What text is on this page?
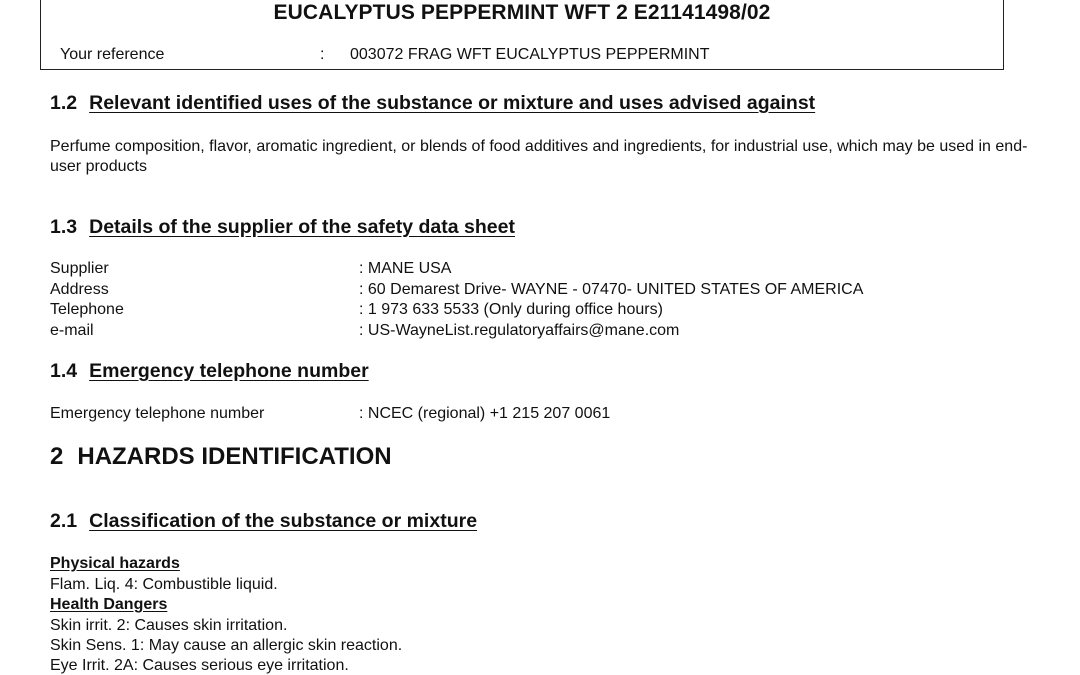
EUCALYPTUS PEPPERMINT WFT 2 E21141498/02
Your reference	: 003072 FRAG WFT EUCALYPTUS PEPPERMINT
1.2 Relevant identified uses of the substance or mixture and uses advised against
Perfume composition, flavor, aromatic ingredient, or blends of food additives and ingredients, for industrial use, which may be used in end-user products
1.3 Details of the supplier of the safety data sheet
Supplier	: MANE USA
Address	: 60 Demarest Drive- WAYNE - 07470- UNITED STATES OF AMERICA
Telephone	: 1 973 633 5533 (Only during office hours)
e-mail	: US-WayneList.regulatoryaffairs@mane.com
1.4 Emergency telephone number
Emergency telephone number	: NCEC (regional) +1 215 207 0061
2 HAZARDS IDENTIFICATION
2.1 Classification of the substance or mixture
Physical hazards
Flam. Liq. 4: Combustible liquid.
Health Dangers
Skin irrit. 2: Causes skin irritation.
Skin Sens. 1: May cause an allergic skin reaction.
Eye Irrit. 2A: Causes serious eye irritation.
